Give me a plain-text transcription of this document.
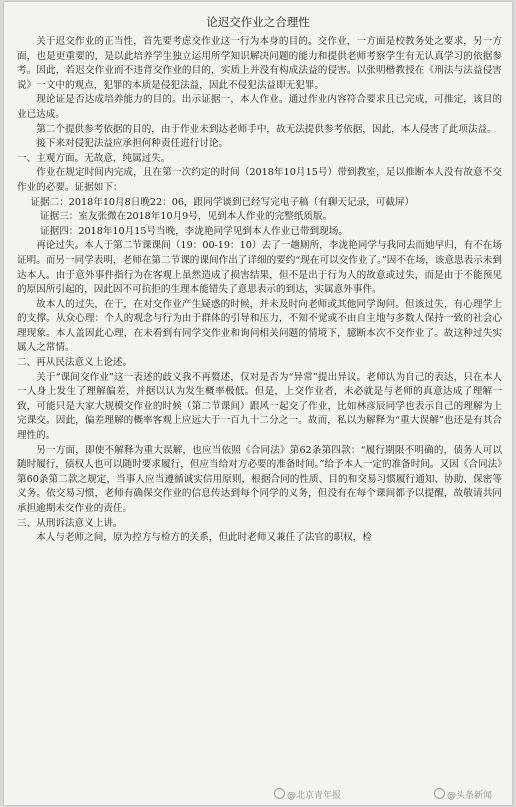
论迟交作业之合理性

关于迟交作业的正当性，首先要考虑交作业这一行为本身的目的。交作业，一方面是校教务处之要求，另一方面，也是更重要的，是以此培养学生独立运用所学知识解决问题的能力和提供老师考察学生有无认真学习的依据参考。因此，若迟交作业而不违背交作业的目的，实质上并没有构成法益的侵害。以张明楷教授在《刑法与法益侵害说》一文中的观点，犯罪的本质是侵犯法益，因此不侵犯法益即无犯罪。

现论证是否达成培养能力的目的。出示证据一，本人作业。通过作业内容符合要求且已完成，可推定，该目的业已达成。

第二个提供参考依据的目的，由于作业未到达老师手中，故无法提供参考依据，因此，本人侵害了此项法益。

接下来对侵犯法益应承担何种责任进行讨论。

一、主观方面。无故意，纯属过失。

作业在规定时间内完成，且在第一次约定的时间（2018年10月15号）带到教室，足以推断本人没有故意不交作业的必要。证据如下：

证据二：2018年10月8日晚22：06，跟同学谈到已经写完电子稿（有聊天记录，可截屏）

证据三：室友张微在2018年10月9号，见到本人作业的完整纸质版。

证据四：2018年10月15号当晚，李泷艳同学见到本人作业已带到现场。

再论过失。本人于第二节课课间（19：00-19：10）去了一趟厕所，李泷艳同学与我同去而她早归，有不在场证明。而另一同学表明，老师在第二节课的课间作出了详细的要约“现在可以交作业了。”因不在场，该意思表示未到达本人。由于意外事件指行为在客观上虽然造成了损害结果，但不是出于行为人的故意或过失，而是由于不能预见的原因所引起的，因此因不可抗拒的生理本能错失了意思表示的到达，实属意外事件。

故本人的过失，在于，在对交作业产生疑惑的时候，并未及时向老师或其他同学询问。但该过失，有心理学上的支撑。从众心理：个人的观念与行为由于群体的引导和压力，不知不觉或不由自主地与多数人保持一致的社会心理现象。本人盖因此心理，在未看到有同学交作业和询问相关问题的情境下，臆断本次不交作业了。故这种过失实属人之常情。

二、再从民法意义上论述。

关于“课间交作业”这一表述的歧义我不再赘述，仅对是否为“异常”提出异议。老师认为自己的表达，只在本人一人身上发生了理解偏差，并据以认为发生概率极低。但是，上交作业者，未必就是与老师的真意达成了理解一致，可能只是大家大规模交作业的时候（第二节课间）跟风一起交了作业，比如林彦辰同学也表示自己的理解为上完课交。因此，偏差理解的概率客观上应远大于一百九十二分之一。故而，私以为解释为“重大误解”也还是有其合理性的。

另一方面，即使不解释为重大误解，也应当依照《合同法》第62条第四款：“履行期限不明确的，债务人可以随时履行，债权人也可以随时要求履行，但应当给对方必要的准备时间。”给予本人一定的准备时间。又因《合同法》第60条第二款之规定，当事人应当遵循诚实信用原则，根据合同的性质、目的和交易习惯履行通知、协助、保密等义务。依交易习惯，老师有确保交作业的信息传达到每个同学的义务，但没有在每个课间都予以提醒，故敬请共同承担逾期未交作业的责任。

三、从刑诉法意义上讲。

本人与老师之间，原为控方与检方的关系，但此时老师又兼任了法官的职权，检

@北京青年报	@头条新闻
